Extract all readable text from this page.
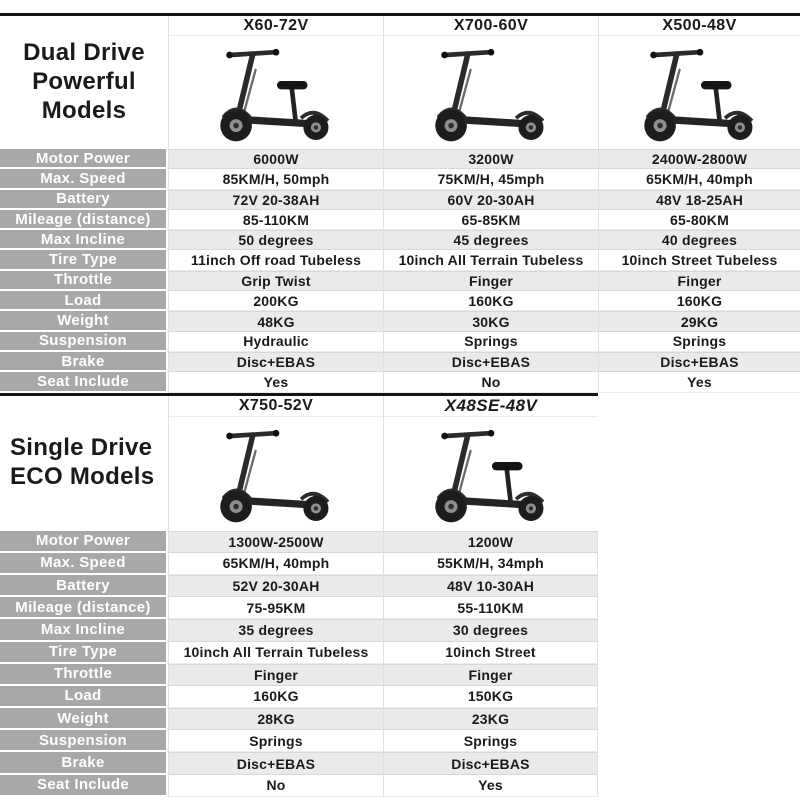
Dual Drive
Powerful
Models
X60-72V	X700-60V	X500-48V
Motor Power	6000W	3200W	2400W-2800W
Max. Speed	85KM/H, 50mph	75KM/H, 45mph	65KM/H, 40mph
Battery	72V 20-38AH	60V 20-30AH	48V 18-25AH
Mileage (distance)	85-110KM	65-85KM	65-80KM
Max Incline	50 degrees	45 degrees	40 degrees
Tire Type	11inch Off road Tubeless	10inch All Terrain Tubeless	10inch Street Tubeless
Throttle	Grip Twist	Finger	Finger
Load	200KG	160KG	160KG
Weight	48KG	30KG	29KG
Suspension	Hydraulic	Springs	Springs
Brake	Disc+EBAS	Disc+EBAS	Disc+EBAS
Seat Include	Yes	No	Yes
Single Drive
ECO Models
X750-52V	X48SE-48V
Motor Power	1300W-2500W	1200W
Max. Speed	65KM/H, 40mph	55KM/H, 34mph
Battery	52V 20-30AH	48V 10-30AH
Mileage (distance)	75-95KM	55-110KM
Max Incline	35 degrees	30 degrees
Tire Type	10inch All Terrain Tubeless	10inch Street
Throttle	Finger	Finger
Load	160KG	150KG
Weight	28KG	23KG
Suspension	Springs	Springs
Brake	Disc+EBAS	Disc+EBAS
Seat Include	No	Yes
